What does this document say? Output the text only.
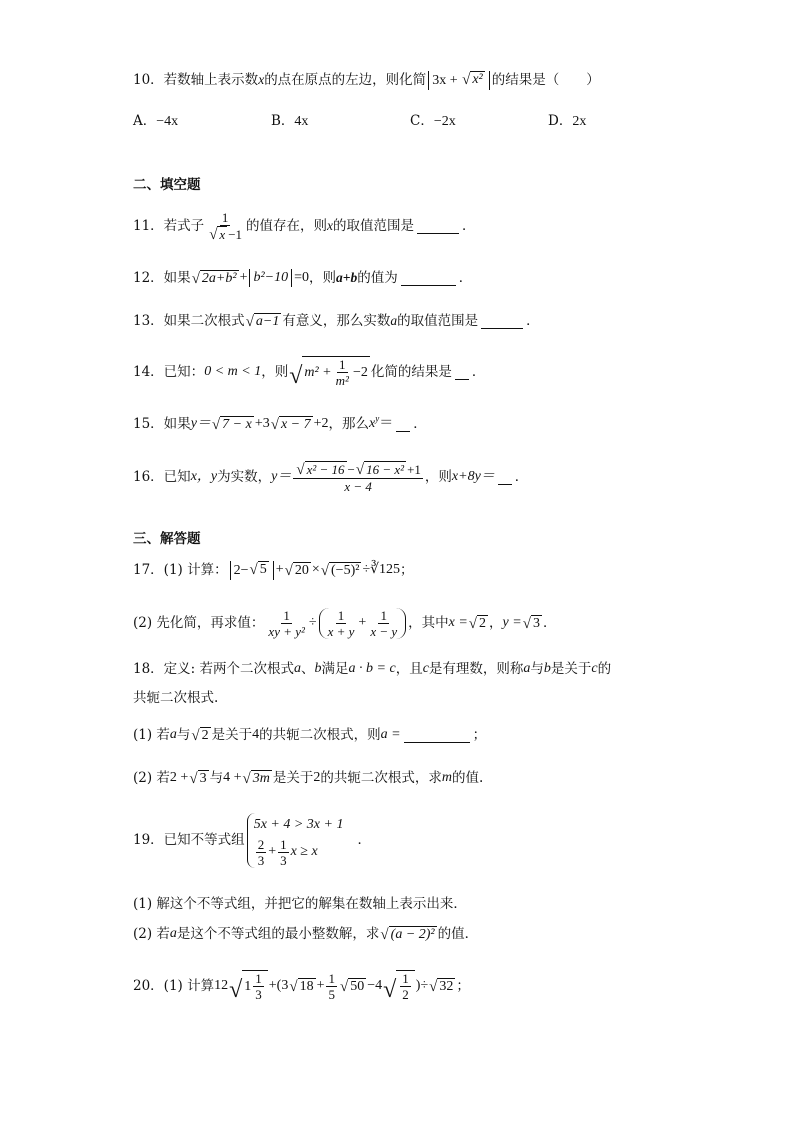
10．若数轴上表示数 x 的点在原点的左边，则化简 3x + √ x² 的结果是（　　）
A．−4x	B．4x	C．−2x	D．2x
二、填空题
11．若式子 $\frac{1}{√ x -1}$ 的值存在，则 x 的取值范围是	．
12．如果 √ 2a+b² + b²−10 =0 ，则 a+b 的值为	．
13．如果二次根式 √ a−1 有意义，那么实数 a 的取值范围是	．
14．已知： 0 < m < 1 ，则 √ $m^2 + \frac{1}{\text{m²}} -2$ 化简的结果是 ．
15．如果 y＝ √ 7 − x +3 √ x − 7 +2 ，那么 $x^y$ ＝ ．
16．已知 x，y 为实数， $y= \frac{\text{√ x² − 16 − √ 16 − x² +1}}{x - 4}$ ，则 x+8y＝ ．
三、解答题
17．(1) 计算： 2− √ 5 + √ 20 × √ (−5)² ÷ ∛125 ；
(2) 先化简，再求值： $\frac{1}{\text{xy + y²}} \div \frac{1}{x + y} + \frac{1}{x - y}$ ，其中 x = √ 2 ， y = √ 3 ．
18．定义: 若两个二次根式 a 、 b 满足 a · b = c ，且 c 是有理数，则称 a 与 b 是关于 c 的
共轭二次根式.
(1) 若 a 与 √ 2 是关于 4 的共轭二次根式，则 a =	；
(2) 若 2 + √ 3 与 4 + √ 3m 是关于 2 的共轭二次根式，求 m 的值.
19．已知不等式组
5x + 4 > 3x + 1
$\frac{2}{3} + \frac{1}{3}$ x ≥ x
．
(1) 解这个不等式组，并把它的解集在数轴上表示出来．
(2) 若 a 是这个不等式组的最小整数解，求 √ (a − 2)² 的值．
20．(1) 计算 12 √ $1 \frac{1}{3} +(3$ √ $18 + \frac{1}{5}$ √ 50 −4 √ $\frac{1}{2}$ )÷ √ 32 ；
